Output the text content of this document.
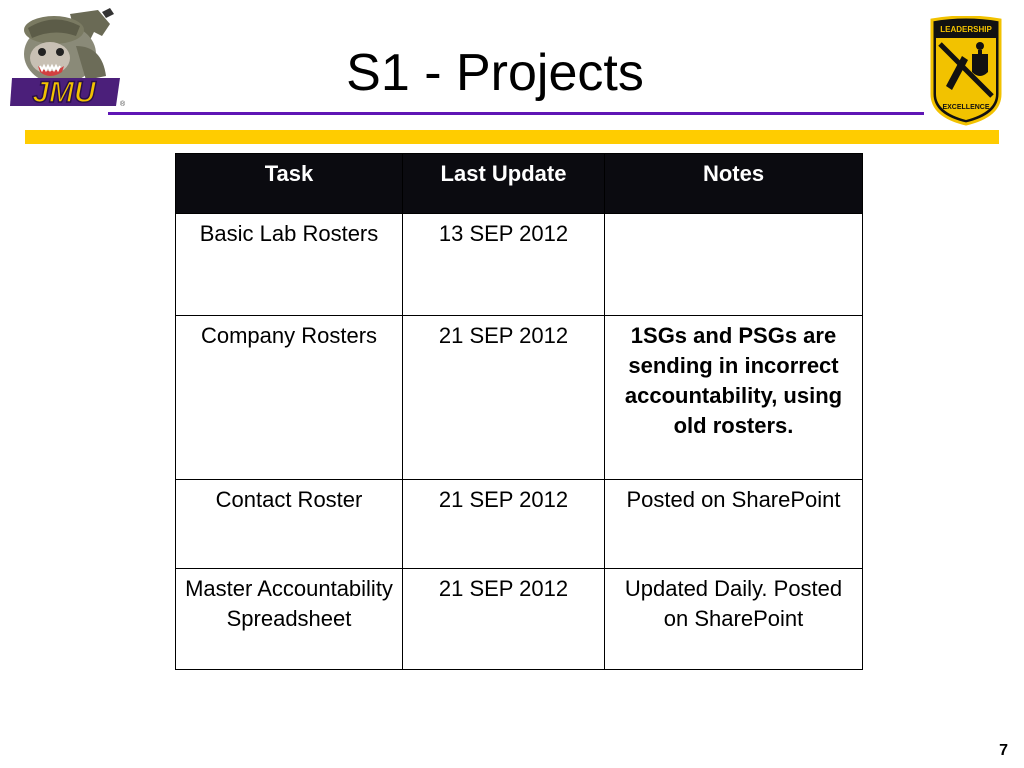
JMU	®
LEADERSHIP
EXCELLENCE
S1 - Projects
Task	Last Update	Notes
Basic Lab Rosters	13 SEP 2012	
Company Rosters	21 SEP 2012	1SGs and PSGs are sending in incorrect accountability, using old rosters.
Contact Roster	21 SEP 2012	Posted on SharePoint
Master Accountability Spreadsheet	21 SEP 2012	Updated Daily. Posted on SharePoint
7
